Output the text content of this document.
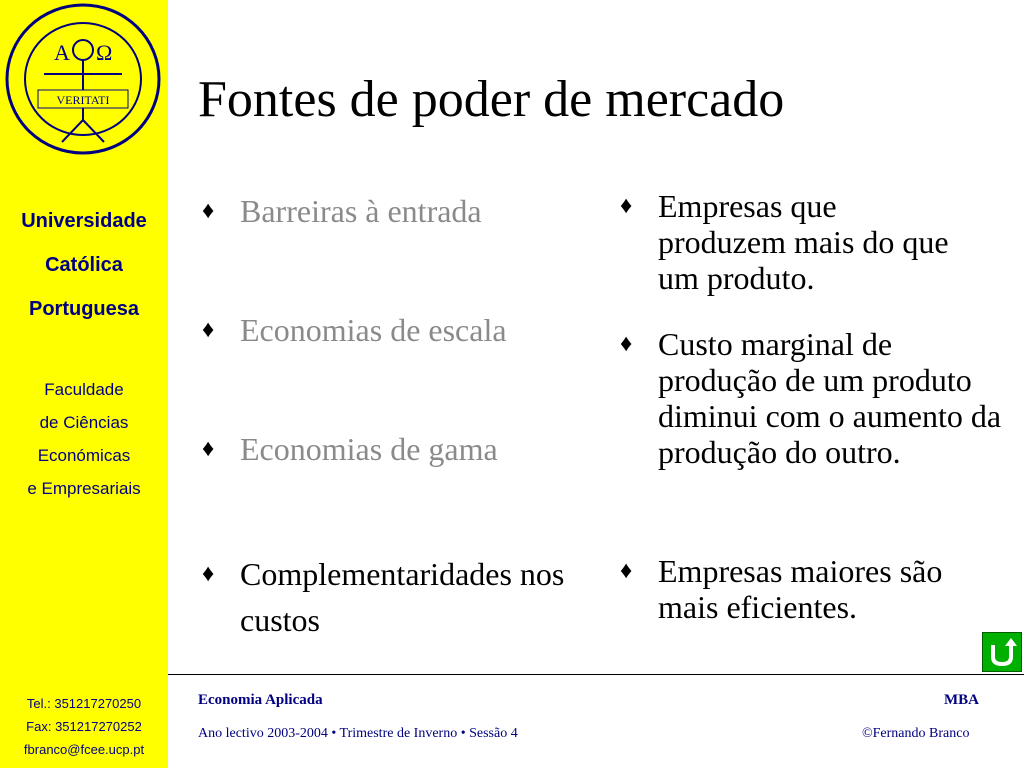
A Ω
VERITATI
Universidade
Católica
Portuguesa
Faculdade
de Ciências
Económicas
e Empresariais
Tel.: 351217270250
Fax: 351217270252
fbranco@fcee.ucp.pt
Fontes de poder de mercado
♦ Barreiras à entrada
♦ Economias de escala
♦ Economias de gama
♦ Complementaridades nos custos
♦ Empresas que produzem mais do que um produto.
♦ Custo marginal de produção de um produto diminui com o aumento da produção do outro.
♦ Empresas maiores são mais eficientes.
Economia Aplicada	MBA
Ano lectivo 2003-2004 • Trimestre de Inverno • Sessão 4	©Fernando Branco
